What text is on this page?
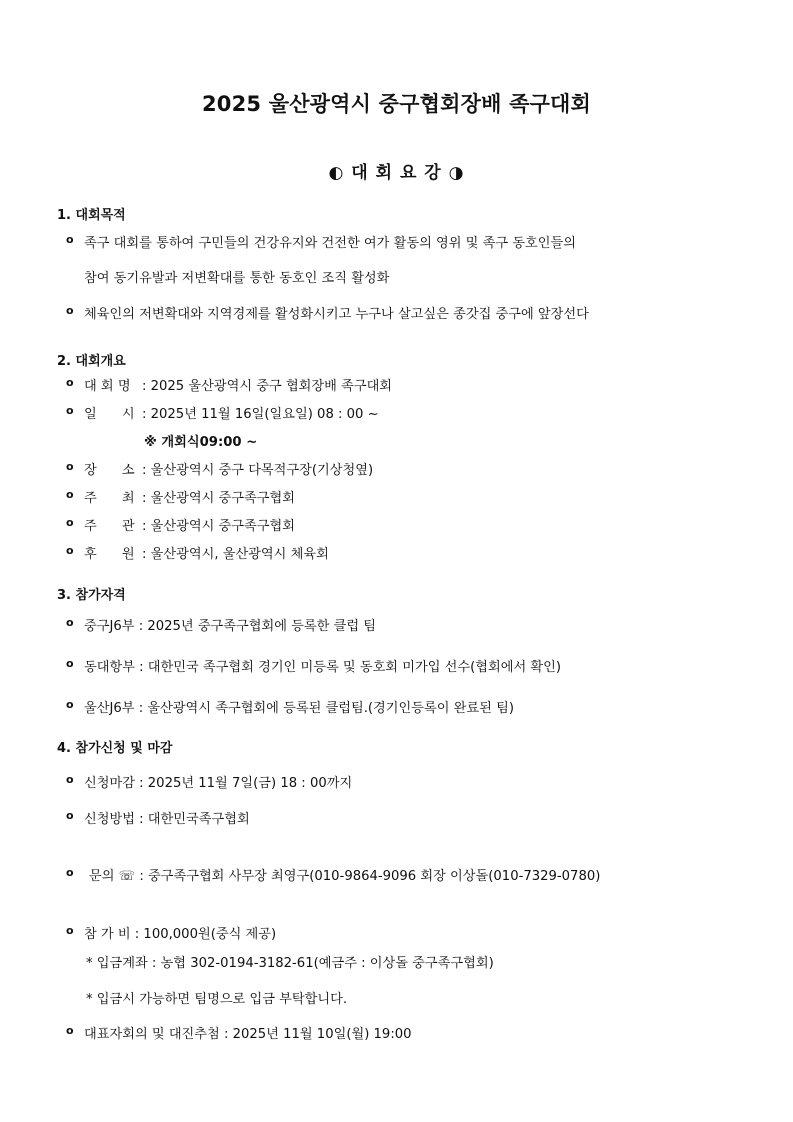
2025 울산광역시 중구협회장배 족구대회
◐ 대 회 요 강 ◑
1. 대회목적
o 족구 대회를 통하여 구민들의 건강유지와 건전한 여가 활동의 영위 및 족구 동호인들의
참여 동기유발과 저변확대를 통한 동호인 조직 활성화
o 체육인의 저변확대와 지역경제를 활성화시키고 누구나 살고싶은 종갓집 중구에 앞장선다
2. 대회개요
o 대 회 명 : 2025 울산광역시 중구 협회장배 족구대회
o 일      시 : 2025년 11월 16일(일요일) 08 : 00 ~
※ 개회식09:00 ~
o 장      소 : 울산광역시 중구 다목적구장(기상청옆)
o 주      최 : 울산광역시 중구족구협회
o 주      관 : 울산광역시 중구족구협회
o 후      원 : 울산광역시, 울산광역시 체육회
3. 참가자격
o 중구J6부 : 2025년 중구족구협회에 등록한 클럽 팀
o 동대항부 : 대한민국 족구협회 경기인 미등록 및 동호회 미가입 선수(협회에서 확인)
o 울산J6부 : 울산광역시 족구협회에 등록된 클럽팀.(경기인등록이 완료된 팀)
4. 참가신청 및 마감
o 신청마감 : 2025년 11월 7일(금) 18 : 00까지
o 신청방법 : 대한민국족구협회
o 문의 ☏ : 중구족구협회 사무장 최영구(010-9864-9096 회장 이상돌(010-7329-0780)
o 참 가 비 : 100,000원(중식 제공)
* 입금계좌 : 농협 302-0194-3182-61(예금주 : 이상돌 중구족구협회)
* 입금시 가능하면 팀명으로 입금 부탁합니다.
o 대표자회의 및 대진추첨 : 2025년 11월 10일(월) 19:00
